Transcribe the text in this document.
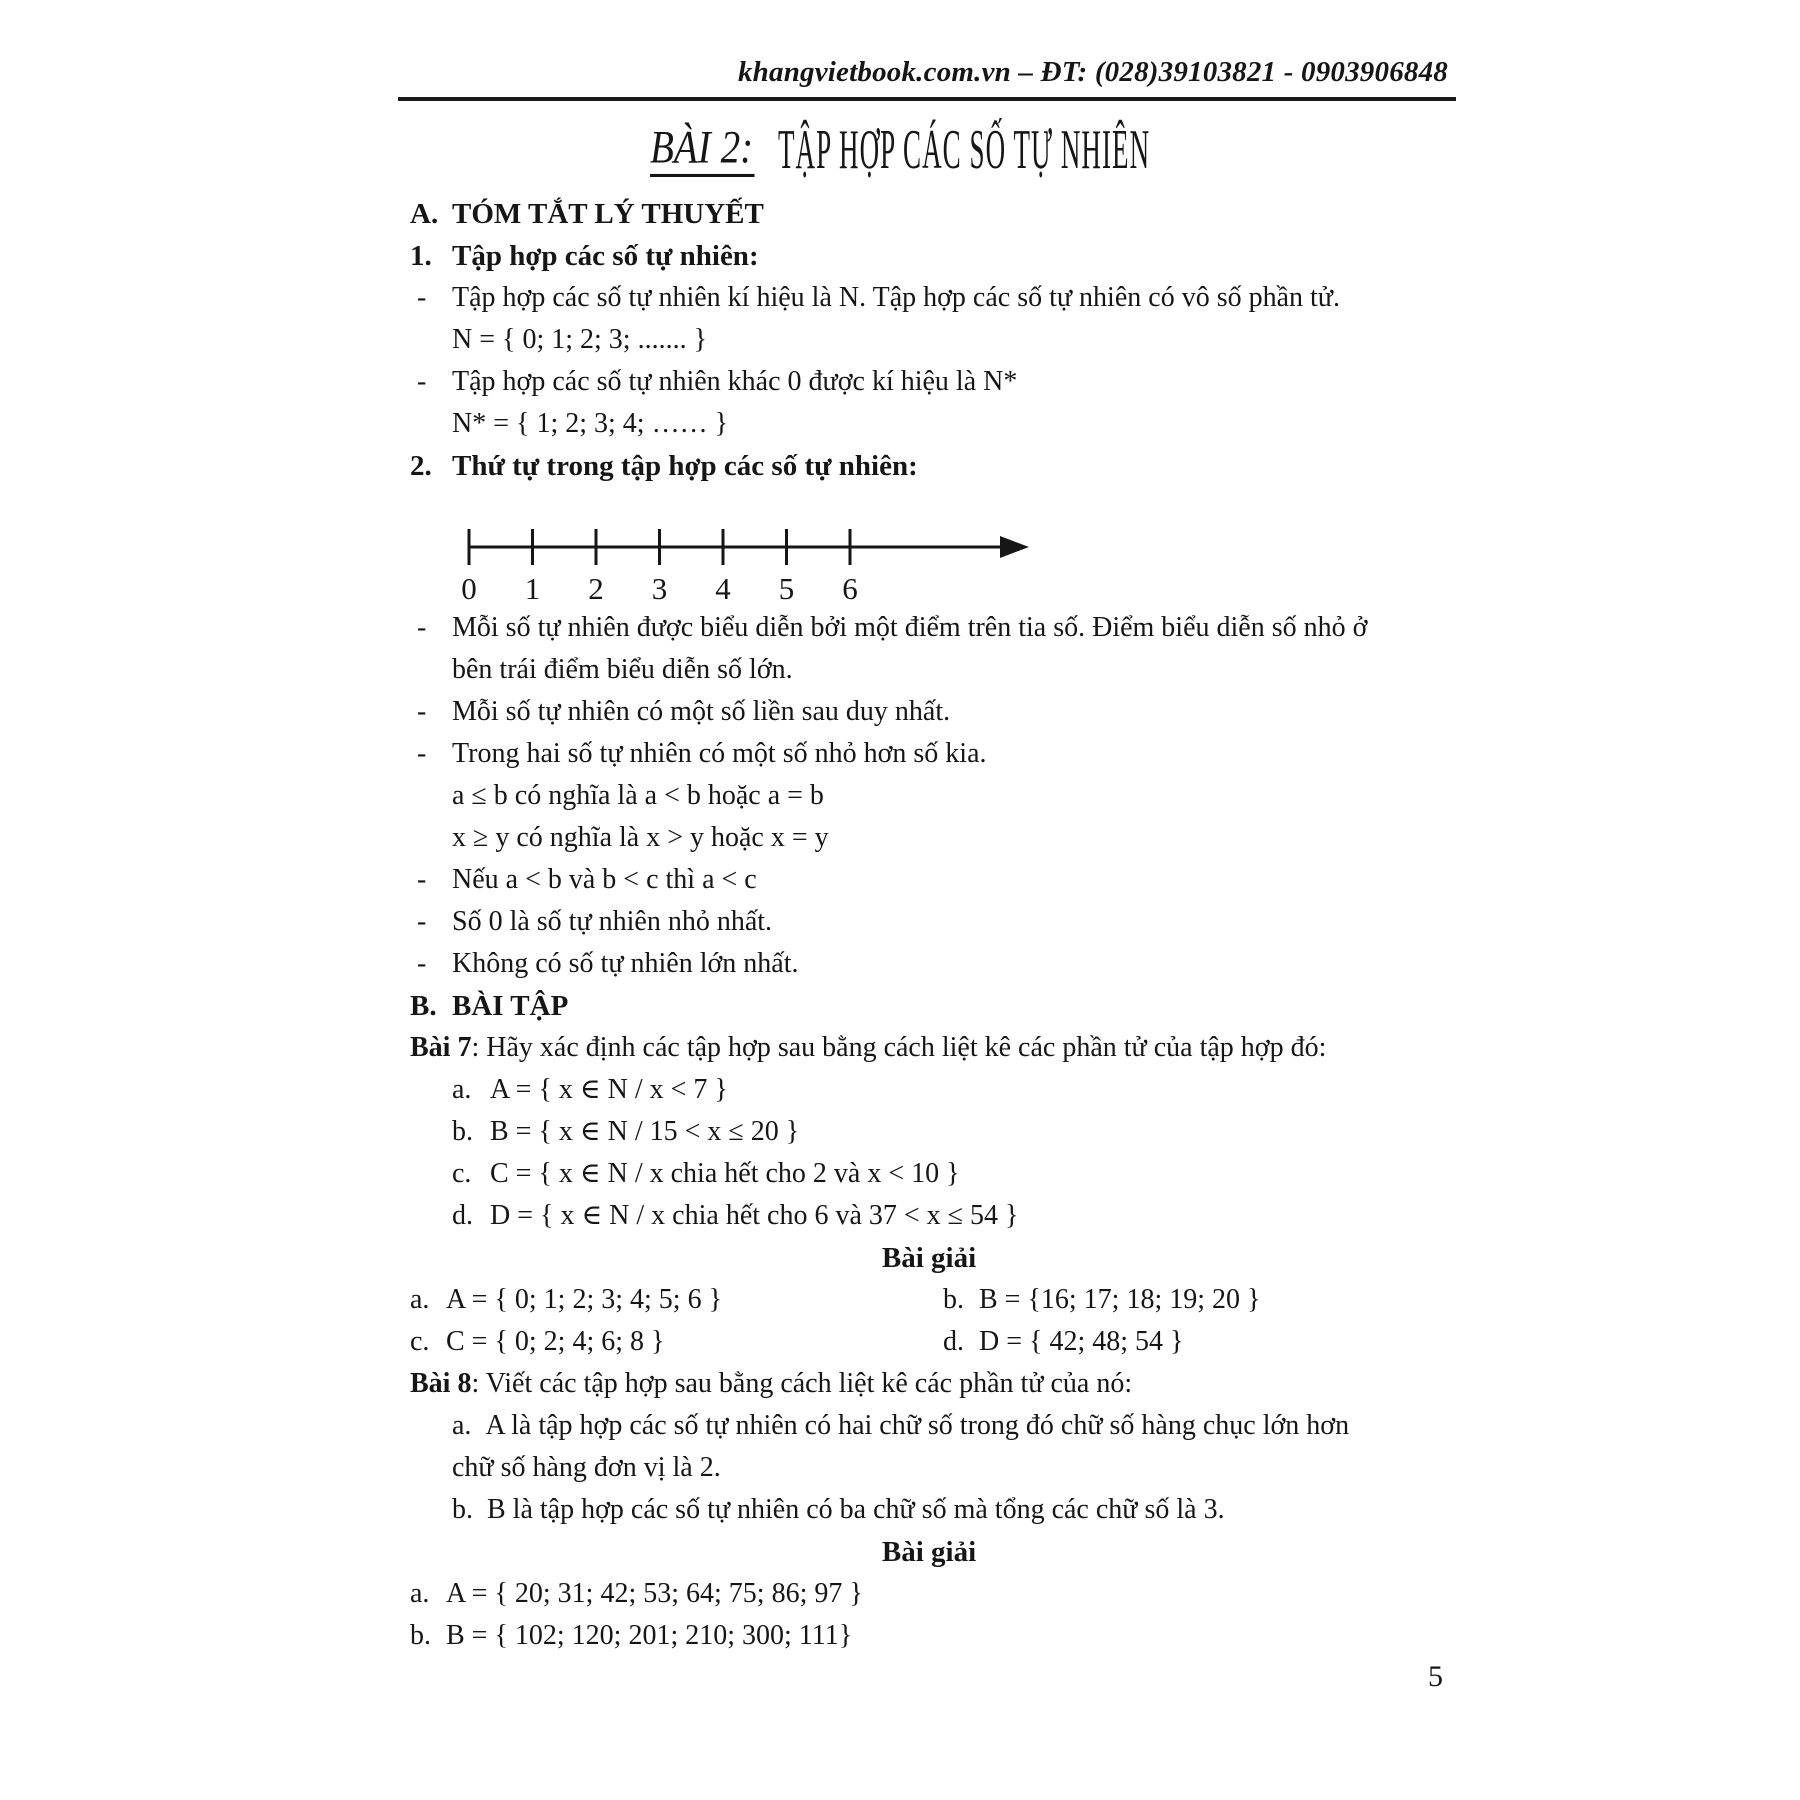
khangvietbook.com.vn – ĐT: (028)39103821 - 0903906848
BÀI 2: TẬP HỢP CÁC SỐ TỰ NHIÊN
A. TÓM TẮT LÝ THUYẾT
1. Tập hợp các số tự nhiên:
- Tập hợp các số tự nhiên kí hiệu là N. Tập hợp các số tự nhiên có vô số phần tử.
N = { 0; 1; 2; 3; ....... }
- Tập hợp các số tự nhiên khác 0 được kí hiệu là N*
N* = { 1; 2; 3; 4; …… }
2. Thứ tự trong tập hợp các số tự nhiên:
0 1 2 3 4 5 6
- Mỗi số tự nhiên được biểu diễn bởi một điểm trên tia số. Điểm biểu diễn số nhỏ ở bên trái điểm biểu diễn số lớn.
- Mỗi số tự nhiên có một số liền sau duy nhất.
- Trong hai số tự nhiên có một số nhỏ hơn số kia.
a ≤ b có nghĩa là a < b hoặc a = b
x ≥ y có nghĩa là x > y hoặc x = y
- Nếu a < b và b < c thì a < c
- Số 0 là số tự nhiên nhỏ nhất.
- Không có số tự nhiên lớn nhất.
B. BÀI TẬP
Bài 7: Hãy xác định các tập hợp sau bằng cách liệt kê các phần tử của tập hợp đó:
a. A = { x ∈ N / x < 7 }
b. B = { x ∈ N / 15 < x ≤ 20 }
c. C = { x ∈ N / x chia hết cho 2 và x < 10 }
d. D = { x ∈ N / x chia hết cho 6 và 37 < x ≤ 54 }
Bài giải
a. A = { 0; 1; 2; 3; 4; 5; 6 }	b. B = {16; 17; 18; 19; 20 }
c. C = { 0; 2; 4; 6; 8 }	d. D = { 42; 48; 54 }
Bài 8: Viết các tập hợp sau bằng cách liệt kê các phần tử của nó:
a. A là tập hợp các số tự nhiên có hai chữ số trong đó chữ số hàng chục lớn hơn chữ số hàng đơn vị là 2.
b. B là tập hợp các số tự nhiên có ba chữ số mà tổng các chữ số là 3.
Bài giải
a. A = { 20; 31; 42; 53; 64; 75; 86; 97 }
b. B = { 102; 120; 201; 210; 300; 111}
5
